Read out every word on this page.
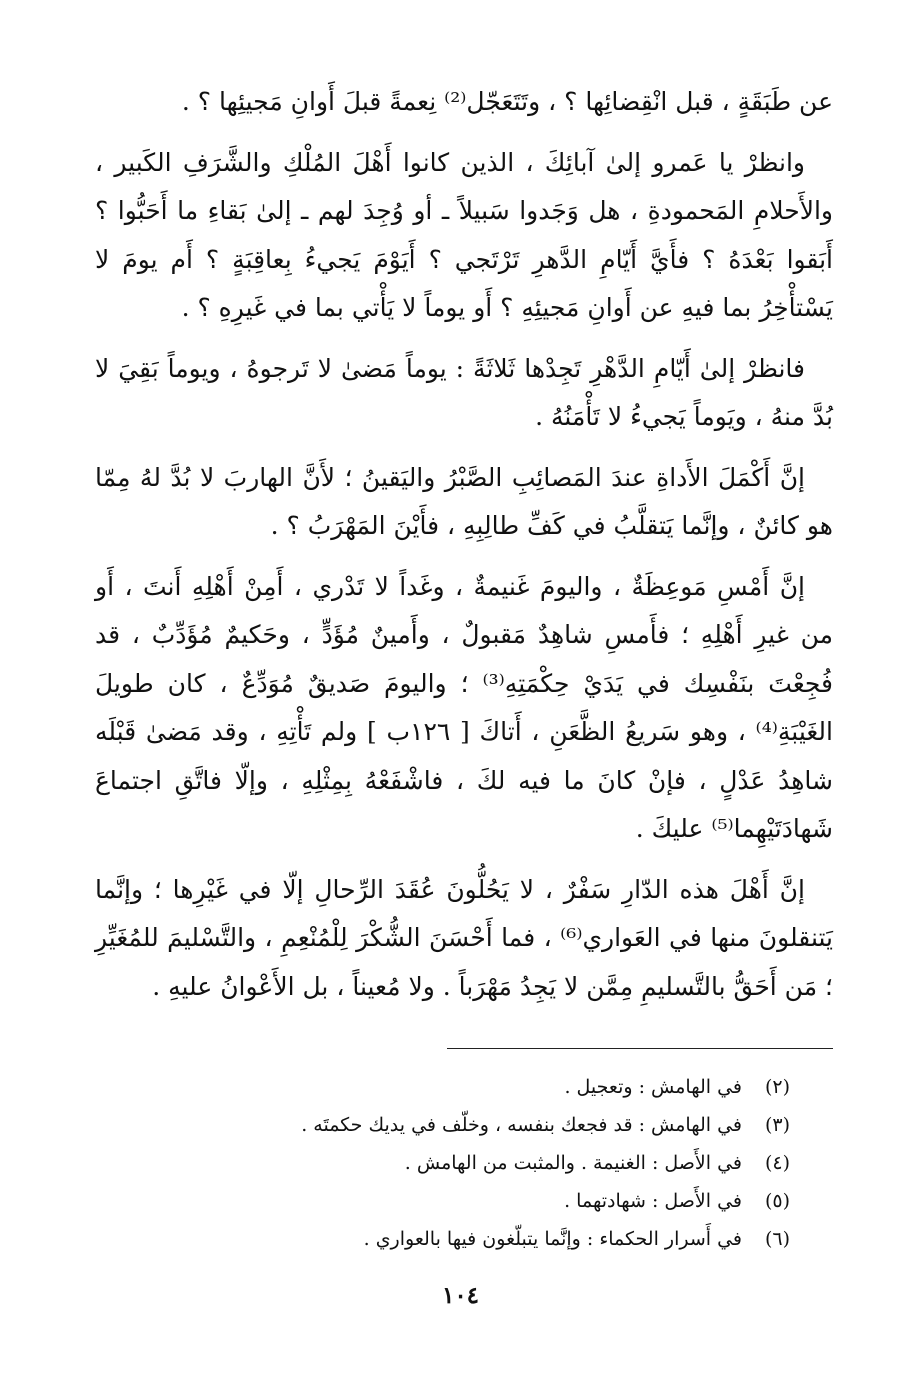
عن طَبَقَةٍ ، قبل انْقِضائِها ؟ ، وتَتَعَجّل⁽²⁾ نِعمةً قبلَ أَوانِ مَجيئِها ؟ .

وانظرْ يا عَمرو إلىٰ آبائِكَ ، الذين كانوا أَهْلَ المُلْكِ والشَّرَفِ الكَبير ، والأَحلامِ المَحمودةِ ، هل وَجَدوا سَبيلاً ـ أو وُجِدَ لهم ـ إلىٰ بَقاءِ ما أَحَبُّوا ؟ أَبَقوا بَعْدَهُ ؟ فأَيَّ أَيّامِ الدَّهرِ تَرْتَجي ؟ أَيَوْمَ يَجيءُ بِعاقِبَةٍ ؟ أَم يومَ لا يَسْتأْخِرُ بما فيهِ عن أَوانِ مَجيئِهِ ؟ أَو يوماً لا يَأْتي بما في غَيرِهِ ؟ .

فانظرْ إلىٰ أَيّامِ الدَّهْرِ تَجِدْها ثَلاثَةً : يوماً مَضىٰ لا تَرجوهُ ، ويوماً بَقِيَ لا بُدَّ منهُ ، ويَوماً يَجيءُ لا تَأْمَنُهُ .

إنَّ أَكْمَلَ الأَداةِ عندَ المَصائِبِ الصَّبْرُ واليَقينُ ؛ لأَنَّ الهاربَ لا بُدَّ لهُ مِمّا هو كائنٌ ، وإنَّما يَتقلَّبُ في كَفِّ طالِبِهِ ، فأَيْنَ المَهْرَبُ ؟ .

إنَّ أَمْسِ مَوعِظَةٌ ، واليومَ غَنيمةٌ ، وغَداً لا تَدْري ، أَمِنْ أَهْلِهِ أَنتَ ، أَو من غيرِ أَهْلِهِ ؛ فأَمسِ شاهِدٌ مَقبولٌ ، وأَمينٌ مُؤَدٍّ ، وحَكيمٌ مُؤَدِّبٌ ، قد فُجِعْتَ بنَفْسِك في يَدَيْ حِكْمَتِهِ⁽³⁾ ؛ واليومَ صَديقٌ مُوَدِّعٌ ، كان طويلَ الغَيْبَةِ⁽⁴⁾ ، وهو سَريعُ الظَّعَنِ ، أَتاكَ [ ١٢٦ب ] ولم تَأْتِهِ ، وقد مَضىٰ قَبْلَه شاهِدُ عَدْلٍ ، فإنْ كانَ ما فيه لكَ ، فاشْفَعْهُ بِمِثْلِهِ ، وإلّا فاتَّقِ اجتماعَ شَهادَتَيْهِما⁽⁵⁾ عليكَ .

إنَّ أَهْلَ هذه الدّارِ سَفْرٌ ، لا يَحُلُّونَ عُقَدَ الرِّحالِ إلّا في غَيْرِها ؛ وإنَّما يَتنقلونَ منها في العَواري⁽⁶⁾ ، فما أَحْسَنَ الشُّكْرَ لِلْمُنْعِمِ ، والتَّسْليمَ للمُغَيِّرِ ؛ مَن أَحَقُّ بالتَّسليمِ مِمَّن لا يَجِدُ مَهْرَباً . ولا مُعيناً ، بل الأَعْوانُ عليهِ .

(٢)
في الهامش : وتعجيل .
(٣)
في الهامش : قد فجعك بنفسه ، وخلّف في يديك حكمتَه .
(٤)
في الأَصل : الغنيمة . والمثبت من الهامش .
(٥)
في الأَصل : شهادتهما .
(٦)
في أَسرار الحكماء : وإنَّما يتبلّغون فيها بالعواري .
١٠٤
